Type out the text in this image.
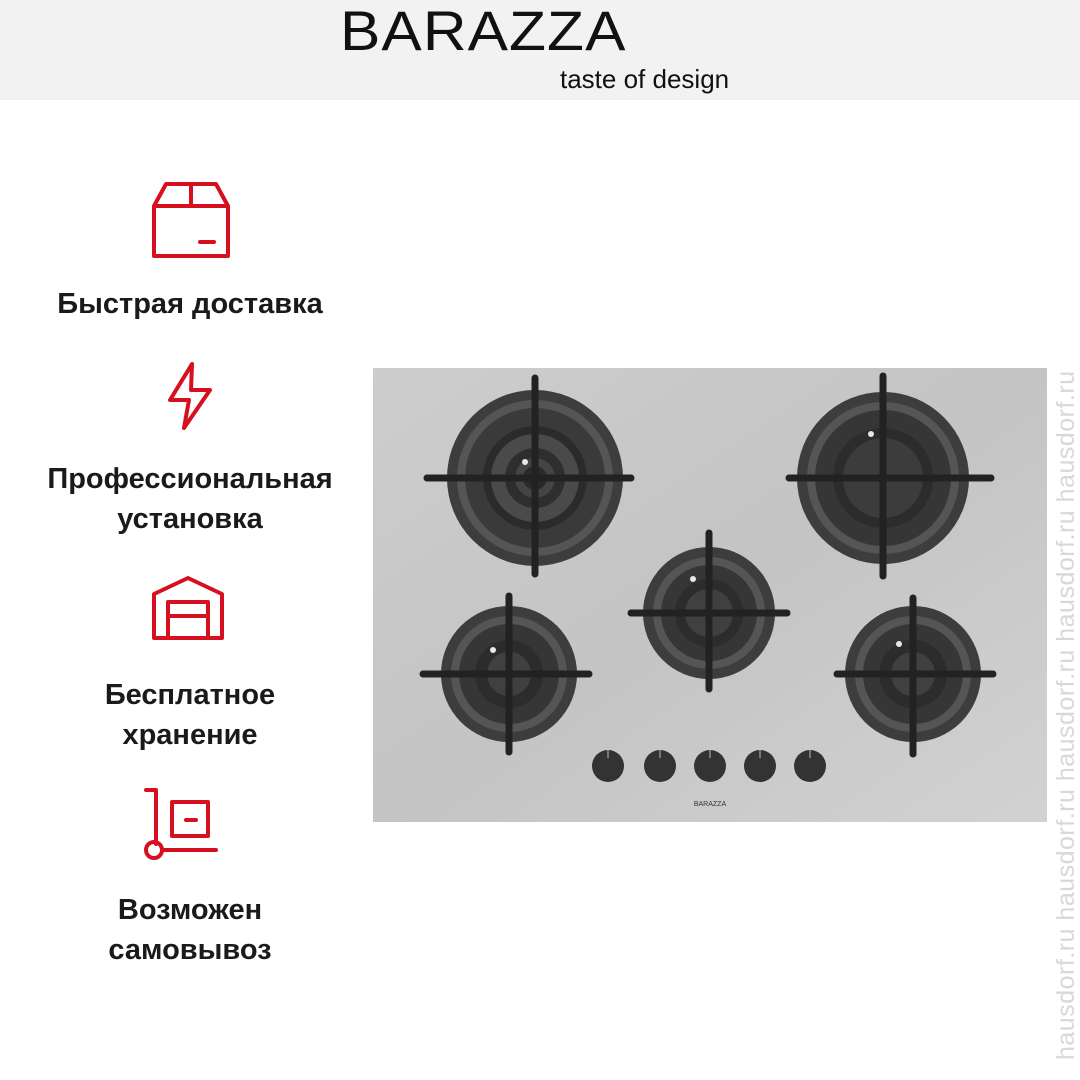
BARAZZA
taste of design
Быстрая доставка
Профессиональная
установка
Бесплатное
хранение
Возможен
самовывоз
BARAZZA	hausdorf.ru hausdorf.ru hausdorf.ru hausdorf.ru hausdorf.ru
